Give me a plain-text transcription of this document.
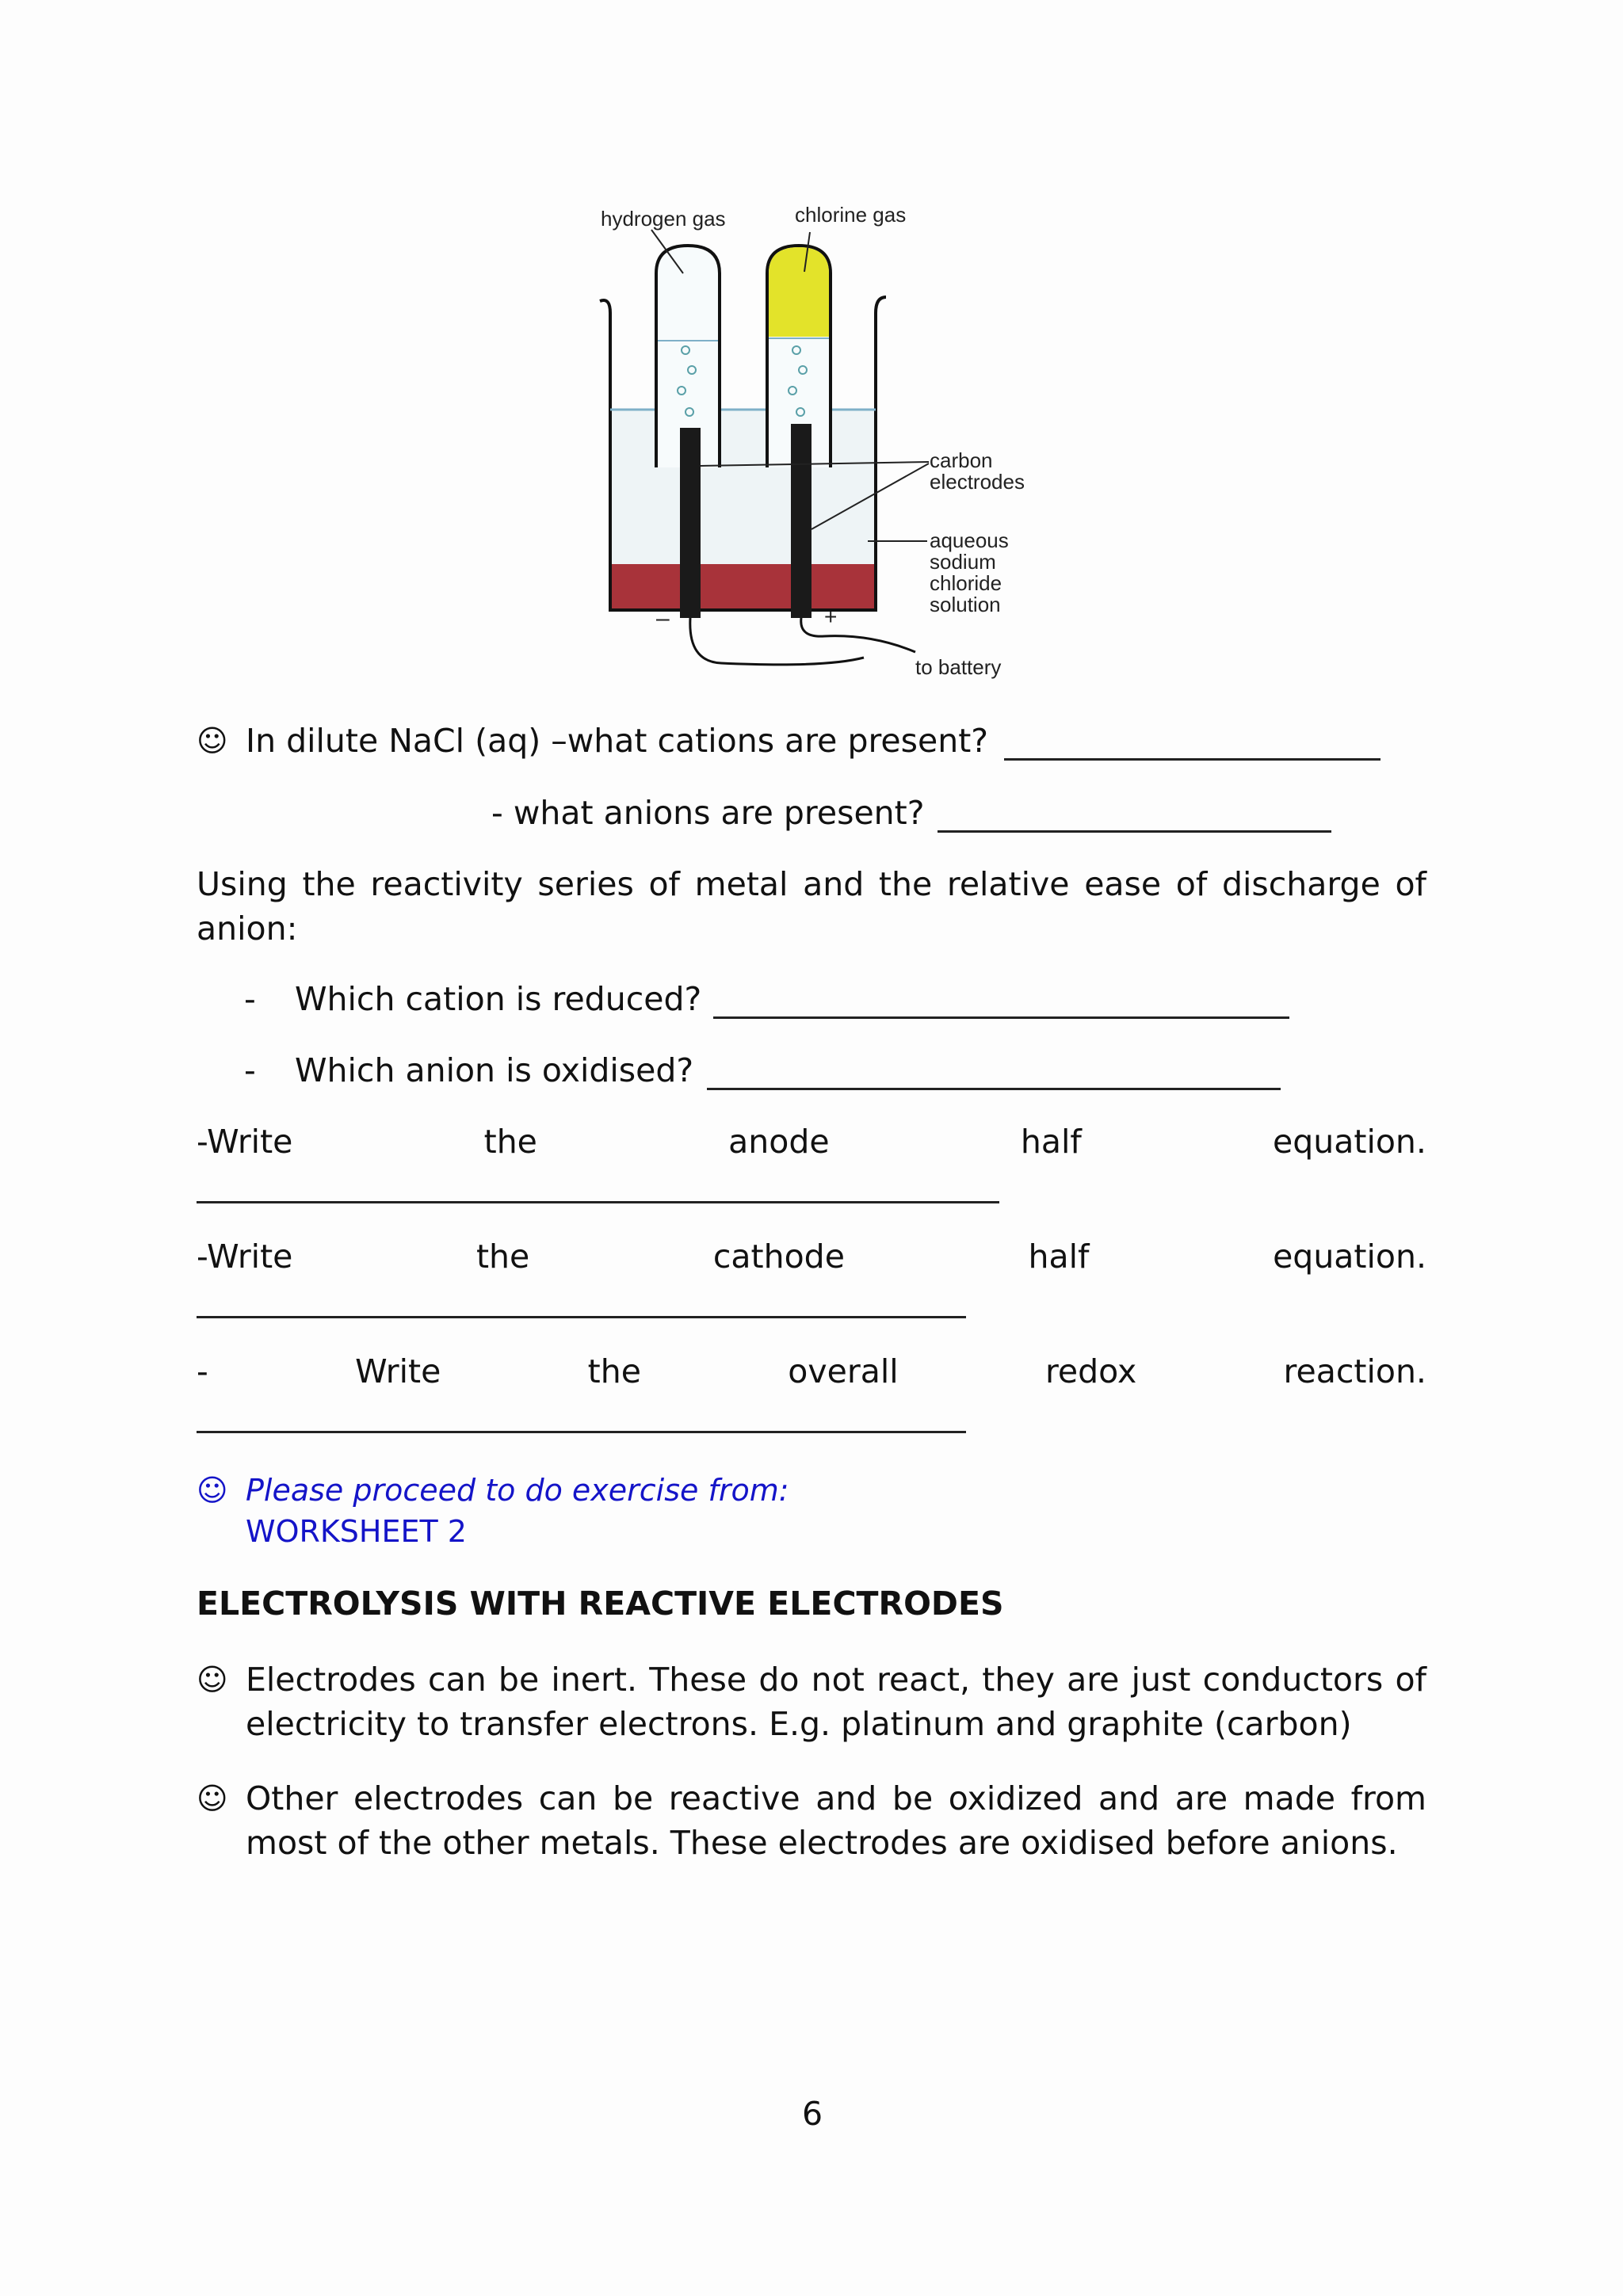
hydrogen gas	chlorine gas
carbon
electrodes
aqueous
sodium
chloride
solution
to battery
–	+
☺ In dilute NaCl (aq) –what cations are present?
- what anions are present?
Using the reactivity series of metal and the relative ease of discharge of anion:
- Which cation is reduced?
- Which anion is oxidised?
-Write	the	anode	half	equation.
-Write	the	cathode	half	equation.
-	Write	the	overall	redox	reaction.
☺ Please proceed to do exercise from:
WORKSHEET 2
ELECTROLYSIS WITH REACTIVE ELECTRODES
☺ Electrodes can be inert. These do not react, they are just conductors of electricity to transfer electrons. E.g. platinum and graphite (carbon)
☺ Other electrodes can be reactive and be oxidized and are made from most of the other metals. These electrodes are oxidised before anions.
6
